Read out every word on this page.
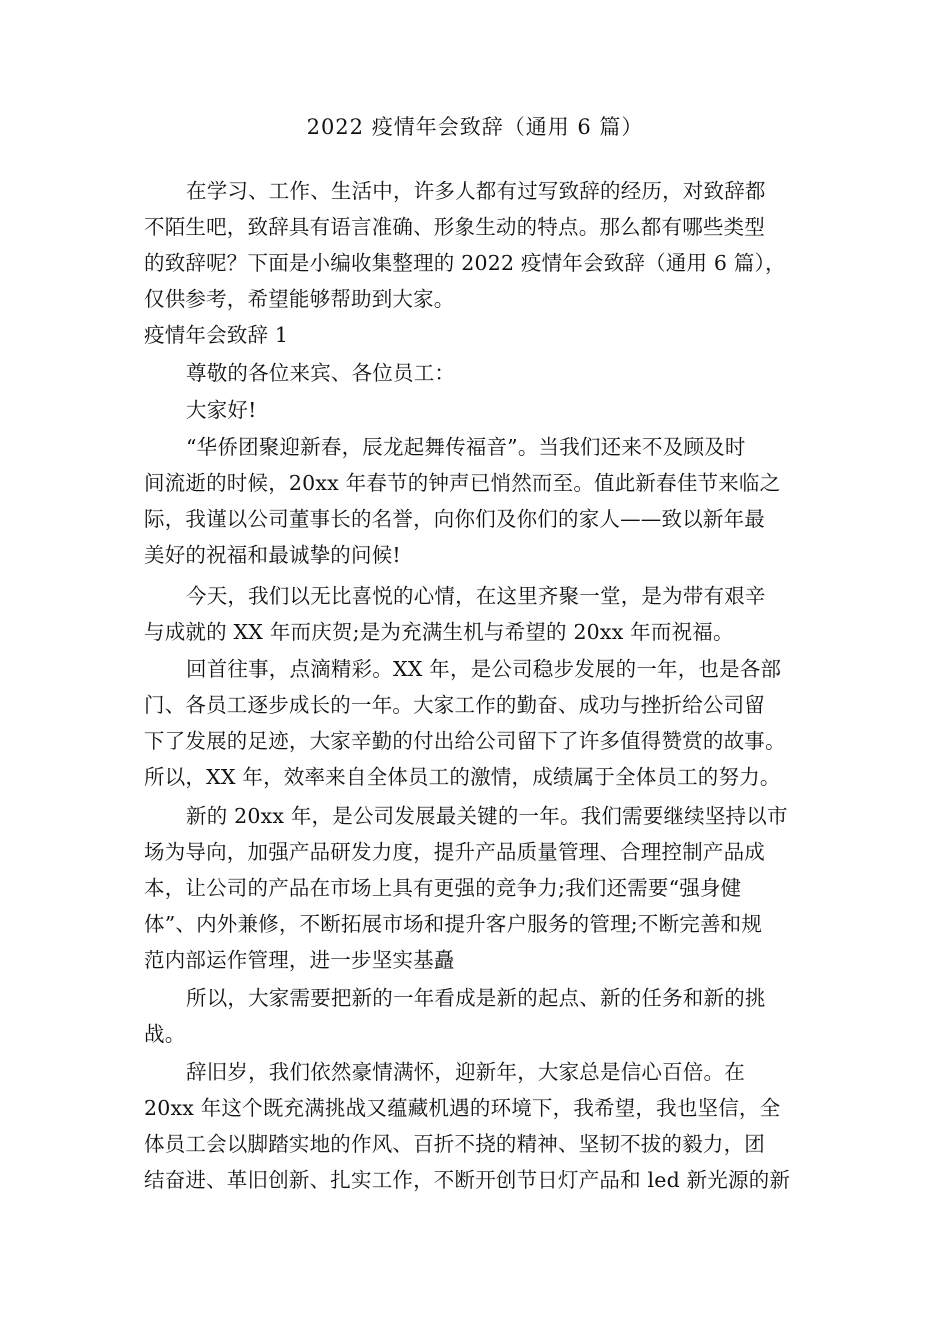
2022 疫情年会致辞（通用 6 篇）
在学习、工作、生活中，许多人都有过写致辞的经历，对致辞都
不陌生吧，致辞具有语言准确、形象生动的特点。那么都有哪些类型
的致辞呢？下面是小编收集整理的 2022 疫情年会致辞（通用 6 篇），
仅供参考，希望能够帮助到大家。
疫情年会致辞 1
尊敬的各位来宾、各位员工：
大家好!
“华侨团聚迎新春，辰龙起舞传福音”。当我们还来不及顾及时
间流逝的时候，20xx 年春节的钟声已悄然而至。值此新春佳节来临之
际，我谨以公司董事长的名誉，向你们及你们的家人——致以新年最
美好的祝福和最诚挚的问候!
今天，我们以无比喜悦的心情，在这里齐聚一堂，是为带有艰辛
与成就的 XX 年而庆贺;是为充满生机与希望的 20xx 年而祝福。
回首往事，点滴精彩。XX 年，是公司稳步发展的一年，也是各部
门、各员工逐步成长的一年。大家工作的勤奋、成功与挫折给公司留
下了发展的足迹，大家辛勤的付出给公司留下了许多值得赞赏的故事。
所以，XX 年，效率来自全体员工的激情，成绩属于全体员工的努力。
新的 20xx 年，是公司发展最关键的一年。我们需要继续坚持以市
场为导向，加强产品研发力度，提升产品质量管理、合理控制产品成
本，让公司的产品在市场上具有更强的竞争力;我们还需要“强身健
体”、内外兼修，不断拓展市场和提升客户服务的管理;不断完善和规
范内部运作管理，进一步坚实基矗
所以，大家需要把新的一年看成是新的起点、新的任务和新的挑
战。
辞旧岁，我们依然豪情满怀，迎新年，大家总是信心百倍。在
20xx 年这个既充满挑战又蕴藏机遇的环境下，我希望，我也坚信，全
体员工会以脚踏实地的作风、百折不挠的精神、坚韧不拔的毅力，团
结奋进、革旧创新、扎实工作，不断开创节日灯产品和 led 新光源的新
